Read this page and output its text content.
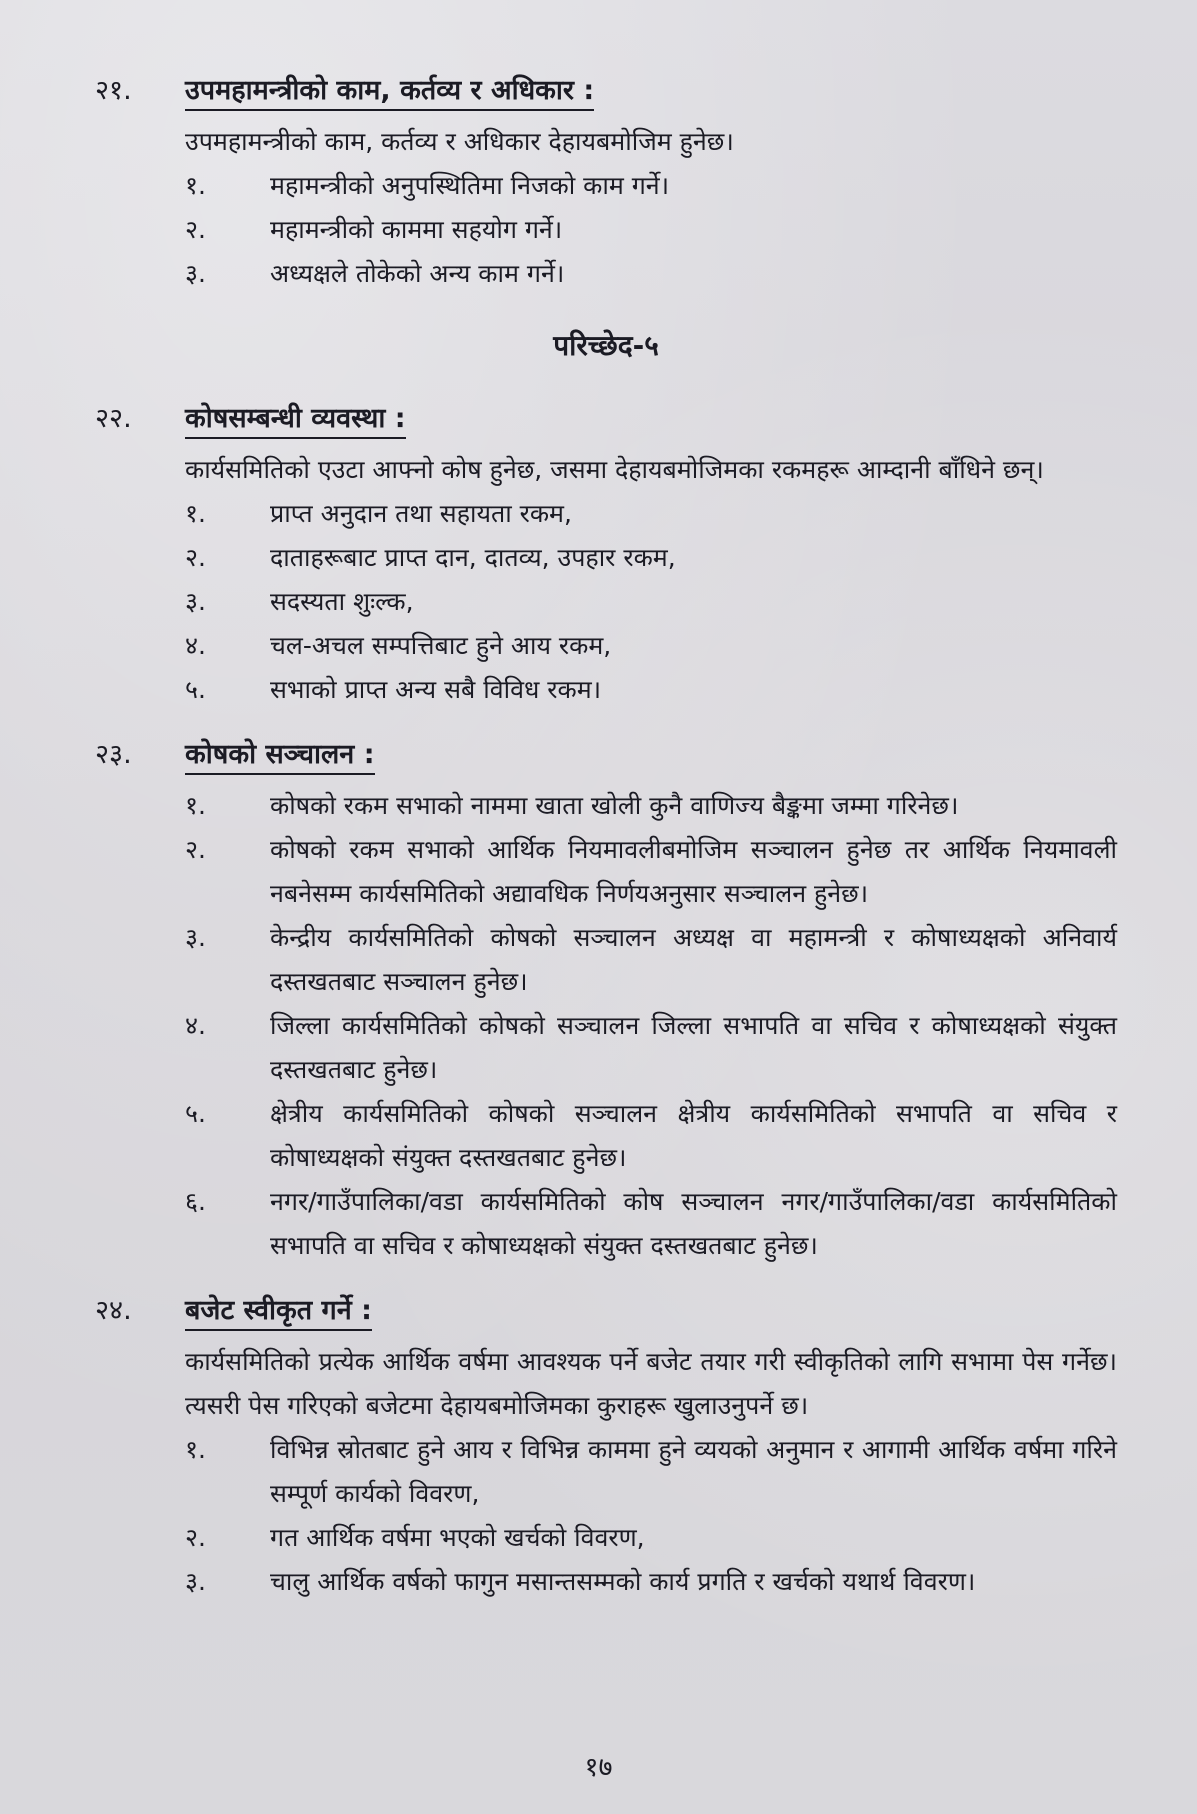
२१.	उपमहामन्त्रीको काम, कर्तव्य र अधिकार :
उपमहामन्त्रीको काम, कर्तव्य र अधिकार देहायबमोजिम हुनेछ।
१.	महामन्त्रीको अनुपस्थितिमा निजको काम गर्ने।
२.	महामन्त्रीको काममा सहयोग गर्ने।
३.	अध्यक्षले तोकेको अन्य काम गर्ने।
परिच्छेद-५
२२.	कोषसम्बन्धी व्यवस्था :
कार्यसमितिको एउटा आफ्नो कोष हुनेछ, जसमा देहायबमोजिमका रकमहरू आम्दानी बाँधिने छन्।
१.	प्राप्त अनुदान तथा सहायता रकम,
२.	दाताहरूबाट प्राप्त दान, दातव्य, उपहार रकम,
३.	सदस्यता शुःल्क,
४.	चल-अचल सम्पत्तिबाट हुने आय रकम,
५.	सभाको प्राप्त अन्य सबै विविध रकम।
२३.	कोषको सञ्चालन :
१.	कोषको रकम सभाको नाममा खाता खोली कुनै वाणिज्य बैङ्कमा जम्मा गरिनेछ।
२.	कोषको रकम सभाको आर्थिक नियमावलीबमोजिम सञ्चालन हुनेछ तर आर्थिक नियमावली नबनेसम्म कार्यसमितिको अद्यावधिक निर्णयअनुसार सञ्चालन हुनेछ।
३.	केन्द्रीय कार्यसमितिको कोषको सञ्चालन अध्यक्ष वा महामन्त्री र कोषाध्यक्षको अनिवार्य दस्तखतबाट सञ्चालन हुनेछ।
४.	जिल्ला कार्यसमितिको कोषको सञ्चालन जिल्ला सभापति वा सचिव र कोषाध्यक्षको संयुक्त दस्तखतबाट हुनेछ।
५.	क्षेत्रीय कार्यसमितिको कोषको सञ्चालन क्षेत्रीय कार्यसमितिको सभापति वा सचिव र कोषाध्यक्षको संयुक्त दस्तखतबाट हुनेछ।
६.	नगर/गाउँपालिका/वडा कार्यसमितिको कोष सञ्चालन नगर/गाउँपालिका/वडा कार्यसमितिको सभापति वा सचिव र कोषाध्यक्षको संयुक्त दस्तखतबाट हुनेछ।
२४.	बजेट स्वीकृत गर्ने :
कार्यसमितिको प्रत्येक आर्थिक वर्षमा आवश्यक पर्ने बजेट तयार गरी स्वीकृतिको लागि सभामा पेस गर्नेछ। त्यसरी पेस गरिएको बजेटमा देहायबमोजिमका कुराहरू खुलाउनुपर्ने छ।
१.	विभिन्न स्रोतबाट हुने आय र विभिन्न काममा हुने व्ययको अनुमान र आगामी आर्थिक वर्षमा गरिने सम्पूर्ण कार्यको विवरण,
२.	गत आर्थिक वर्षमा भएको खर्चको विवरण,
३.	चालु आर्थिक वर्षको फागुन मसान्तसम्मको कार्य प्रगति र खर्चको यथार्थ विवरण।
१७
